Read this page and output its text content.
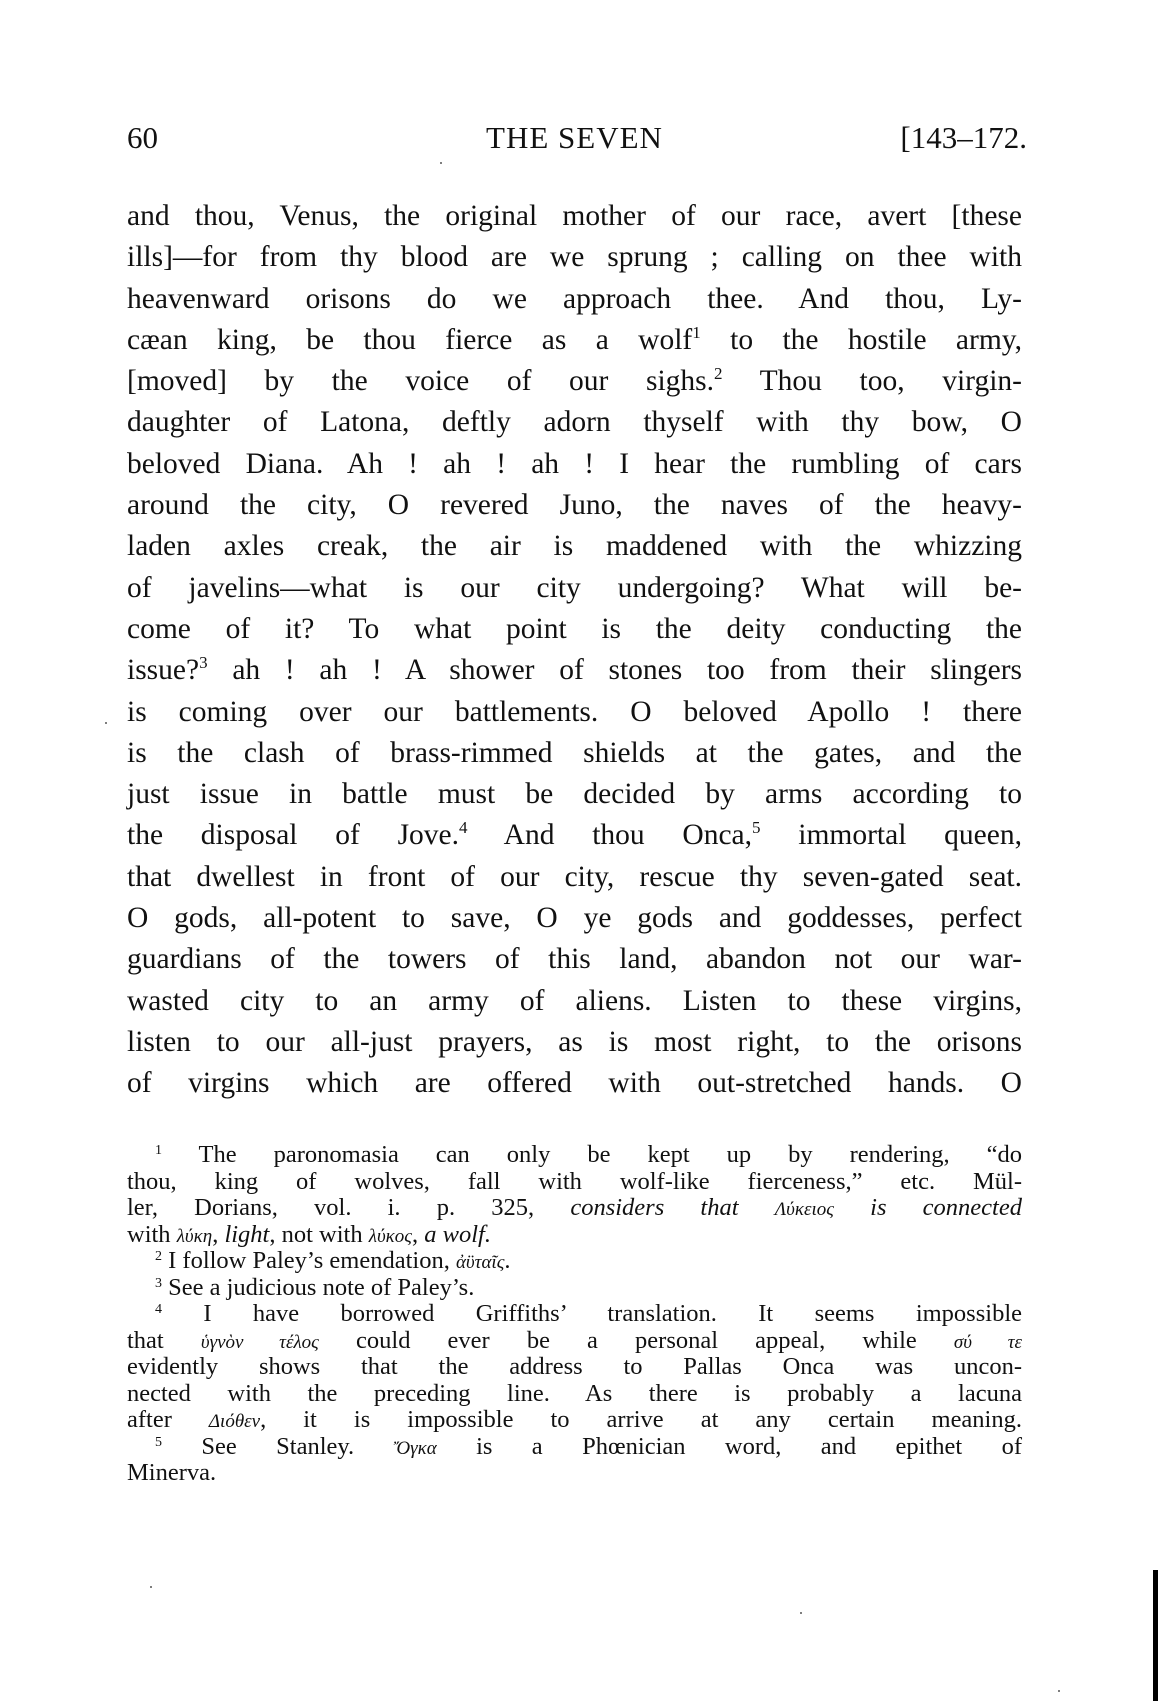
60	THE SEVEN	[143–172.
and thou, Venus, the original mother of our race, avert [these
ills]—for from thy blood are we sprung ; calling on thee with
heavenward orisons do we approach thee. And thou, Ly-
cæan king, be thou fierce as a wolf$^1$ to the hostile army,
[moved] by the voice of our sighs.$^2$ Thou too, virgin-
daughter of Latona, deftly adorn thyself with thy bow, O
beloved Diana. Ah ! ah ! ah ! I hear the rumbling of cars
around the city, O revered Juno, the naves of the heavy-
laden axles creak, the air is maddened with the whizzing
of javelins—what is our city undergoing? What will be-
come of it? To what point is the deity conducting the
issue?$^3$ ah ! ah ! A shower of stones too from their slingers
is coming over our battlements. O beloved Apollo ! there
is the clash of brass-rimmed shields at the gates, and the
just issue in battle must be decided by arms according to
the disposal of Jove.$^4$ And thou Onca,$^5$ immortal queen,
that dwellest in front of our city, rescue thy seven-gated seat.
O gods, all-potent to save, O ye gods and goddesses, perfect
guardians of the towers of this land, abandon not our war-
wasted city to an army of aliens. Listen to these virgins,
listen to our all-just prayers, as is most right, to the orisons
of virgins which are offered with out-stretched hands. O
$^1$ The paronomasia can only be kept up by rendering, “do
thou, king of wolves, fall with wolf-like fierceness,” etc. Mül-
ler, Dorians, vol. i. p. 325, considers that Λύκειος is connected
with λύκη, light, not with λύκος, a wolf.
$^2$ I follow Paley’s emendation, ἀϋταῖς.
$^3$ See a judicious note of Paley’s.
$^4$ I have borrowed Griffiths’ translation. It seems impossible
that ὑγνὸν τέλος could ever be a personal appeal, while σύ τε
evidently shows that the address to Pallas Onca was uncon-
nected with the preceding line. As there is probably a lacuna
after Διόθεν, it is impossible to arrive at any certain meaning.
$^5$ See Stanley. Ὄγκα is a Phœnician word, and epithet of
Minerva.
